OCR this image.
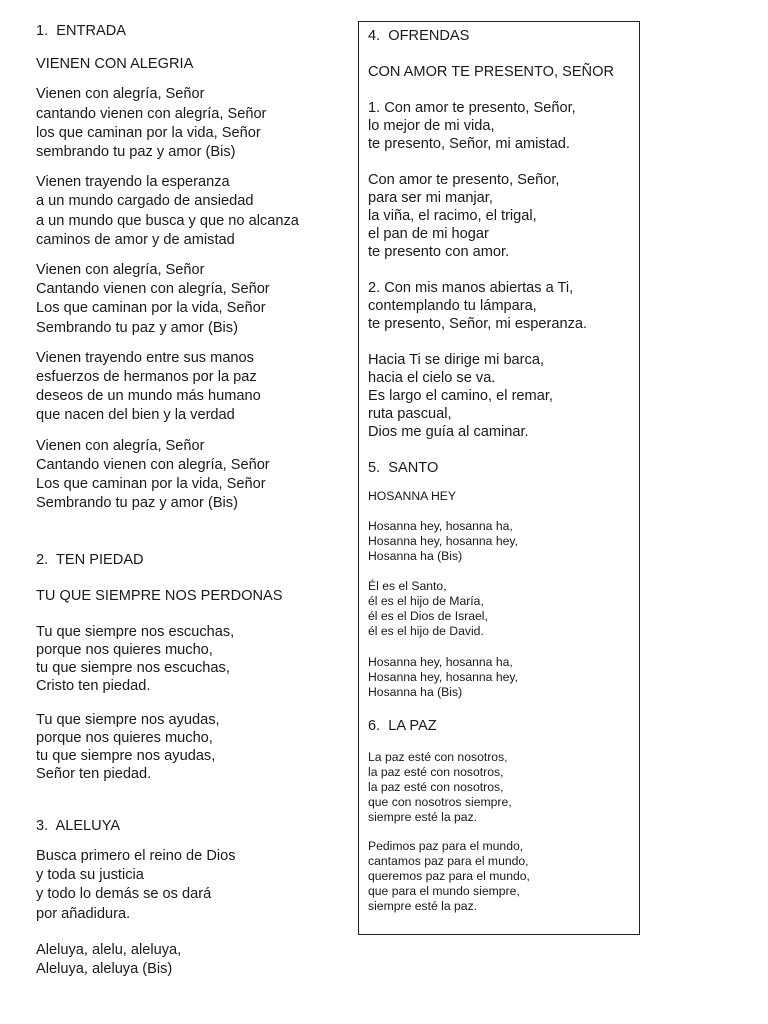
1.  ENTRADA

VIENEN CON ALEGRIA

Vienen con alegría, Señor
cantando vienen con alegría, Señor
los que caminan por la vida, Señor
sembrando tu paz y amor (Bis)
Vienen trayendo la esperanza
a un mundo cargado de ansiedad
a un mundo que busca y que no alcanza
caminos de amor y de amistad
Vienen con alegría, Señor
Cantando vienen con alegría, Señor
Los que caminan por la vida, Señor
Sembrando tu paz y amor (Bis)
Vienen trayendo entre sus manos
esfuerzos de hermanos por la paz
deseos de un mundo más humano
que nacen del bien y la verdad
Vienen con alegría, Señor
Cantando vienen con alegría, Señor
Los que caminan por la vida, Señor
Sembrando tu paz y amor (Bis)

2.  TEN PIEDAD

TU QUE SIEMPRE NOS PERDONAS

Tu que siempre nos escuchas,
porque nos quieres mucho,
tu que siempre nos escuchas,
Cristo ten piedad.
Tu que siempre nos ayudas,
porque nos quieres mucho,
tu que siempre nos ayudas,
Señor ten piedad.

3.  ALELUYA

Busca primero el reino de Dios
y toda su justicia
y todo lo demás se os dará
por añadidura.
Aleluya, alelu, aleluya,
Aleluya, aleluya (Bis)

4.  OFRENDAS

CON AMOR TE PRESENTO, SEÑOR

1. Con amor te presento, Señor,
lo mejor de mi vida,
te presento, Señor, mi amistad.
Con amor te presento, Señor,
para ser mi manjar,
la viña, el racimo, el trigal,
el pan de mi hogar
te presento con amor.
2. Con mis manos abiertas a Ti,
contemplando tu lámpara,
te presento, Señor, mi esperanza.
Hacia Ti se dirige mi barca,
hacia el cielo se va.
Es largo el camino, el remar,
ruta pascual,
Dios me guía al caminar.

5.  SANTO

HOSANNA HEY

Hosanna hey, hosanna ha,
Hosanna hey, hosanna hey,
Hosanna ha (Bis)
Él es el Santo,
él es el hijo de María,
él es el Dios de Israel,
él es el hijo de David.
Hosanna hey, hosanna ha,
Hosanna hey, hosanna hey,
Hosanna ha (Bis)

6.  LA PAZ

La paz esté con nosotros,
la paz esté con nosotros,
la paz esté con nosotros,
que con nosotros siempre,
siempre esté la paz.
Pedimos paz para el mundo,
cantamos paz para el mundo,
queremos paz para el mundo,
que para el mundo siempre,
siempre esté la paz.
